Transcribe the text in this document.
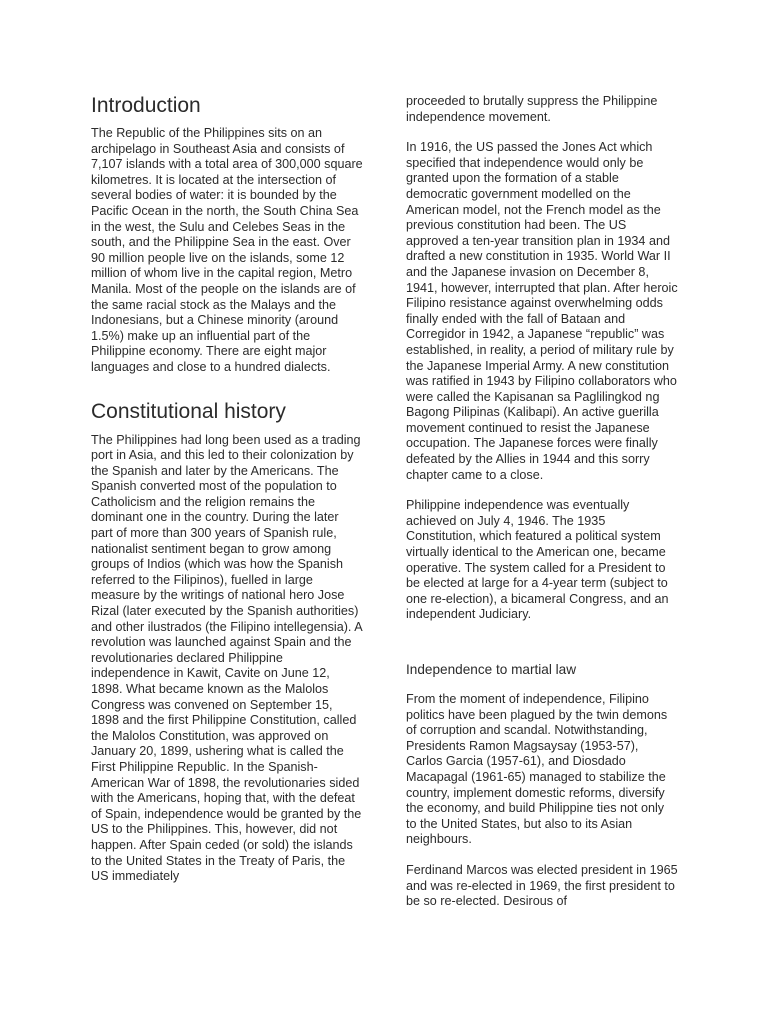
Introduction

The Republic of the Philippines sits on an archipelago in Southeast Asia and consists of 7,107 islands with a total area of 300,000 square kilometres. It is located at the intersection of several bodies of water: it is bounded by the Pacific Ocean in the north, the South China Sea in the west, the Sulu and Celebes Seas in the south, and the Philippine Sea in the east. Over 90 million people live on the islands, some 12 million of whom live in the capital region, Metro Manila. Most of the people on the islands are of the same racial stock as the Malays and the Indonesians, but a Chinese minority (around 1.5%) make up an influential part of the Philippine economy. There are eight major languages and close to a hundred dialects.

Constitutional history

The Philippines had long been used as a trading port in Asia, and this led to their colonization by the Spanish and later by the Americans. The Spanish converted most of the population to Catholicism and the religion remains the dominant one in the country. During the later part of more than 300 years of Spanish rule, nationalist sentiment began to grow among groups of Indios (which was how the Spanish referred to the Filipinos), fuelled in large measure by the writings of national hero Jose Rizal (later executed by the Spanish authorities) and other ilustrados (the Filipino intellegensia). A revolution was launched against Spain and the revolutionaries declared Philippine independence in Kawit, Cavite on June 12, 1898. What became known as the Malolos Congress was convened on September 15, 1898 and the first Philippine Constitution, called the Malolos Constitution, was approved on January 20, 1899, ushering what is called the First Philippine Republic. In the Spanish-American War of 1898, the revolutionaries sided with the Americans, hoping that, with the defeat of Spain, independence would be granted by the US to the Philippines. This, however, did not happen. After Spain ceded (or sold) the islands to the United States in the Treaty of Paris, the US immediately

proceeded to brutally suppress the Philippine independence movement.

In 1916, the US passed the Jones Act which specified that independence would only be granted upon the formation of a stable democratic government modelled on the American model, not the French model as the previous constitution had been. The US approved a ten-year transition plan in 1934 and drafted a new constitution in 1935. World War II and the Japanese invasion on December 8, 1941, however, interrupted that plan. After heroic Filipino resistance against overwhelming odds finally ended with the fall of Bataan and Corregidor in 1942, a Japanese “republic” was established, in reality, a period of military rule by the Japanese Imperial Army. A new constitution was ratified in 1943 by Filipino collaborators who were called the Kapisanan sa Paglilingkod ng Bagong Pilipinas (Kalibapi). An active guerilla movement continued to resist the Japanese occupation. The Japanese forces were finally defeated by the Allies in 1944 and this sorry chapter came to a close.

Philippine independence was eventually achieved on July 4, 1946. The 1935 Constitution, which featured a political system virtually identical to the American one, became operative. The system called for a President to be elected at large for a 4-year term (subject to one re-election), a bicameral Congress, and an independent Judiciary.

Independence to martial law

From the moment of independence, Filipino politics have been plagued by the twin demons of corruption and scandal. Notwithstanding, Presidents Ramon Magsaysay (1953-57), Carlos Garcia (1957-61), and Diosdado Macapagal (1961-65) managed to stabilize the country, implement domestic reforms, diversify the economy, and build Philippine ties not only to the United States, but also to its Asian neighbours.

Ferdinand Marcos was elected president in 1965 and was re-elected in 1969, the first president to be so re-elected. Desirous of
